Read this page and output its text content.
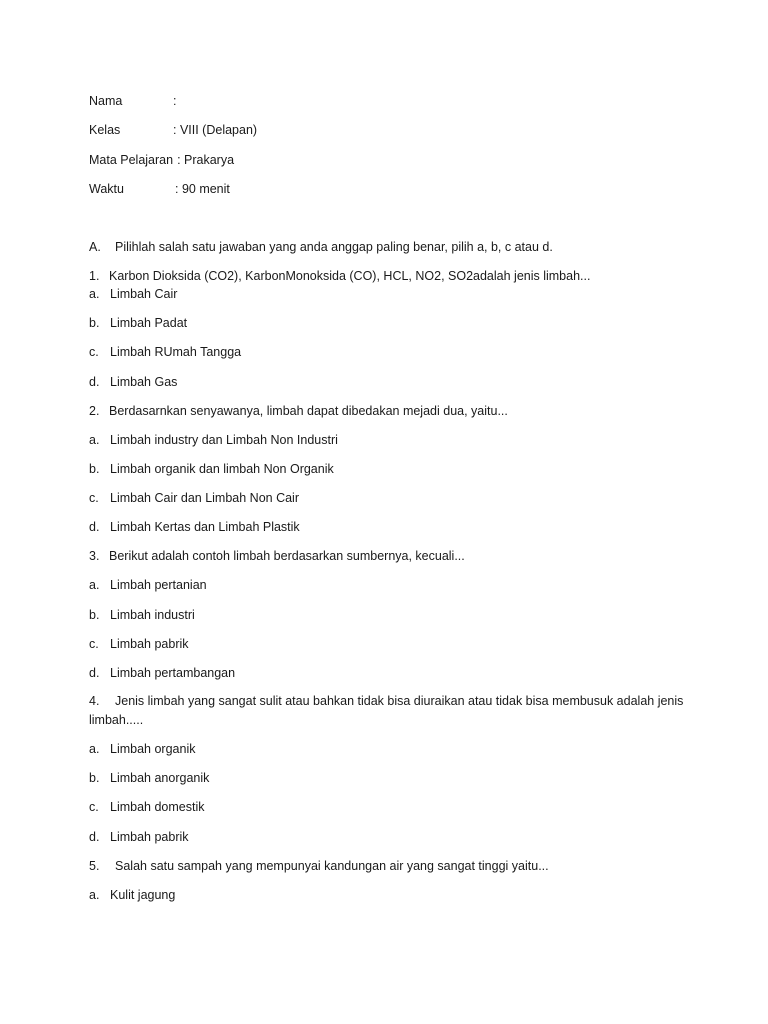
Nama	:
Kelas	: VIII (Delapan)
Mata Pelajaran : Prakarya
Waktu	: 90 menit
A. Pilihlah salah satu jawaban yang anda anggap paling benar, pilih a, b, c atau d.
1. Karbon Dioksida (CO2), KarbonMonoksida (CO), HCL, NO2, SO2adalah jenis limbah...
a. Limbah Cair
b. Limbah Padat
c. Limbah RUmah Tangga
d. Limbah Gas
2. Berdasarnkan senyawanya, limbah dapat dibedakan mejadi dua, yaitu...
a. Limbah industry dan Limbah Non Industri
b. Limbah organik dan limbah Non Organik
c. Limbah Cair dan Limbah Non Cair
d. Limbah Kertas dan Limbah Plastik
3. Berikut adalah contoh limbah berdasarkan sumbernya, kecuali...
a. Limbah pertanian
b. Limbah industri
c. Limbah pabrik
d. Limbah pertambangan
4. Jenis limbah yang sangat sulit atau bahkan tidak bisa diuraikan atau tidak bisa membusuk adalah jenis limbah.....
a. Limbah organik
b. Limbah anorganik
c. Limbah domestik
d. Limbah pabrik
5. Salah satu sampah yang mempunyai kandungan air yang sangat tinggi yaitu...
a. Kulit jagung
